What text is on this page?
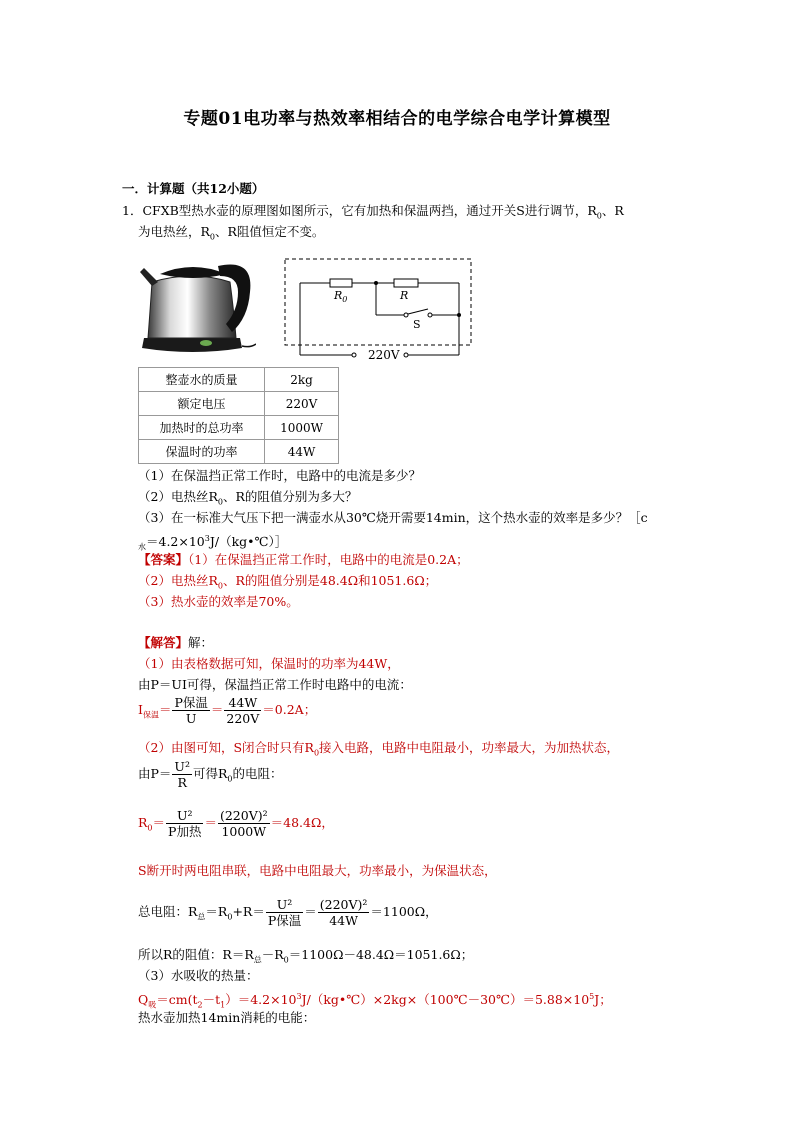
专题01电功率与热效率相结合的电学综合电学计算模型
一．计算题（共12小题）
1．CFXB型热水壶的原理图如图所示，它有加热和保温两挡，通过开关S进行调节，$R_0$、R
为电热丝，$R_0$、R阻值恒定不变。
$R_0$	R
S
220V
整壶水的质量	2kg
额定电压	220V
加热时的总功率	1000W
保温时的功率	44W
（1）在保温挡正常工作时，电路中的电流是多少？
（2）电热丝$R_0$、R的阻值分别为多大？
（3）在一标准大气压下把一满壶水从30℃烧开需要14min，这个热水壶的效率是多少？［c
$_水=4.2\times 10^3J/(kg•℃)]$
【答案】（1）在保温挡正常工作时，电路中的电流是0.2A；
（2）电热丝$R_0$、R的阻值分别是48.4Ω和1051.6Ω；
（3）热水壶的效率是70%。
【解答】解：
（1）由表格数据可知，保温时的功率为44W，
由P＝UI可得，保温挡正常工作时电路中的电流：
$I_{保温}= \frac{\text{P保温}}{U} = \frac{44W}{220V} =0.2A$；
（2）由图可知，S闭合时只有$R_0$接入电路，电路中电阻最小，功率最大，为加热状态，
由$P= \frac{\text{U²}}{R}$ 可得$R_0$的电阻：
$R_0= \frac{\text{U²}}{\text{P加热}} = \frac{\text{(220V)²}}{1000W} =48.4\Omega$，
S断开时两电阻串联，电路中电阻最大，功率最小，为保温状态，
总电阻：$R_总=R_0+R= \frac{\text{U²}}{\text{P保温}} = \frac{\text{(220V)²}}{44W} =1100\Omega$，
所以R的阻值：$R=R_总-R_0=1100\Omega-48.4\Omega=1051.6\Omega$；
（3）水吸收的热量：
$Q_吸=cm(t_2-t_1)=4.2\times 10^3J/(kg•℃)\times 2kg\times(100℃-30℃)=5.88\times 10^5J$；
热水壶加热14min消耗的电能：
